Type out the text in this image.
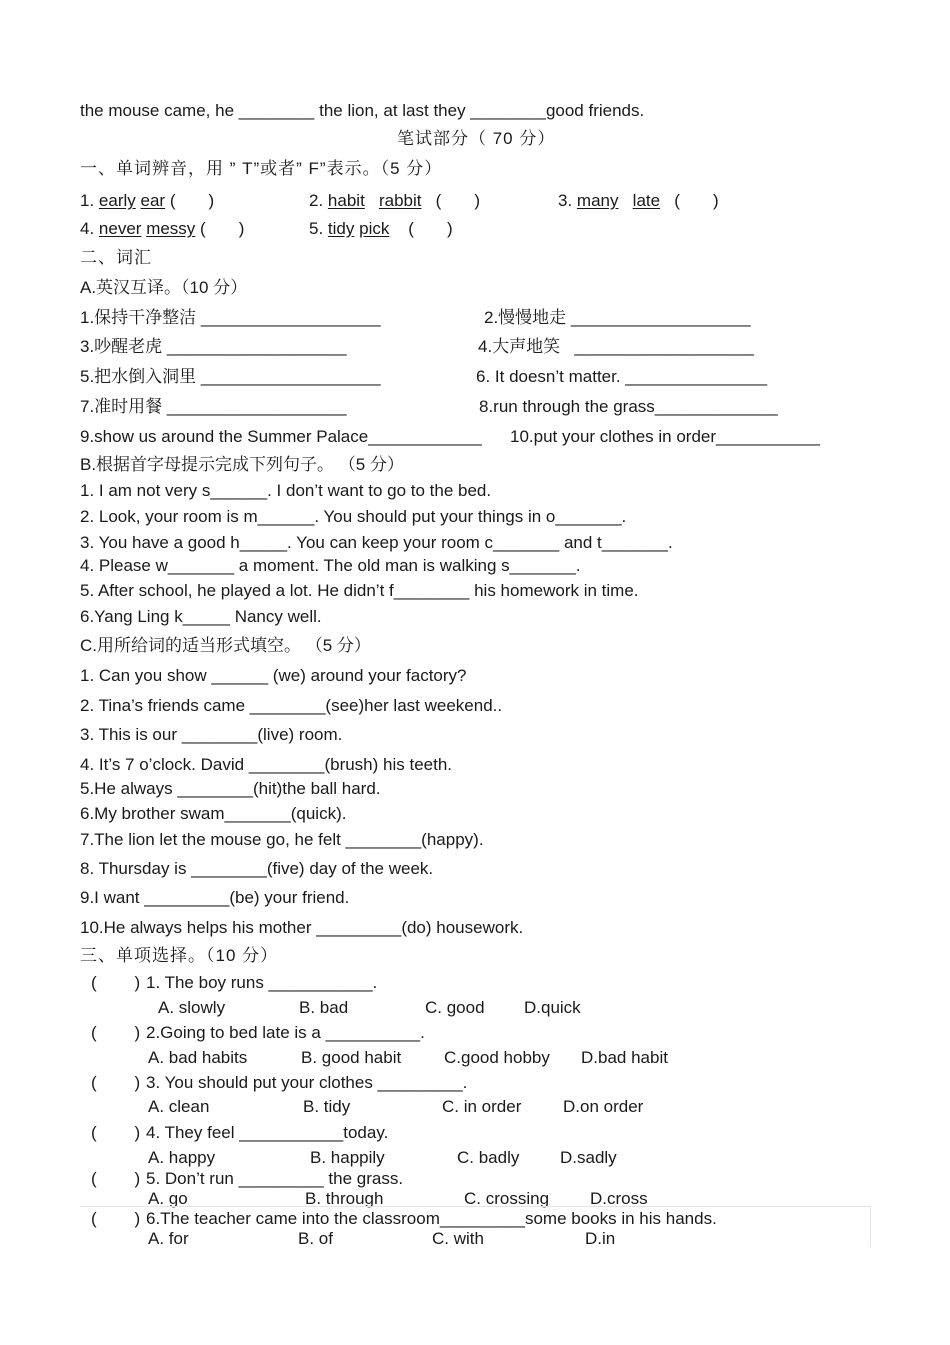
the mouse came, he ________ the lion, at last they ________good friends.
笔试部分（ 70 分）
一、单词辨音，用 ” T”或者” F”表示。（5 分）
1. early ear (       )	2. habit rabbit (       )	3. many late (       )
4. never messy (       )	5. tidy pick (       )
二、词汇
A.英汉互译。（10 分）
1.保持干净整洁 ___________________	2.慢慢地走 ___________________
3.吵醒老虎 ___________________	4.大声地笑   ___________________
5.把水倒入洞里 ___________________	6. It doesn’t matter. _______________
7.准时用餐 ___________________	8.run through the grass_____________
9.show us around the Summer Palace____________ 10.put your clothes in order___________
B.根据首字母提示完成下列句子。 （5 分）
1. I am not very s______. I don’t want to go to the bed.
2. Look, your room is m______. You should put your things in o_______.
3. You have a good h_____. You can keep your room c_______ and t_______.
4. Please w_______ a moment. The old man is walking s_______.
5. After school, he played a lot. He didn’t f________ his homework in time.
6.Yang Ling k_____ Nancy well.
C.用所给词的适当形式填空。 （5 分）
1. Can you show ______ (we) around your factory?
2. Tina’s friends came ________(see)her last weekend..
3. This is our ________(live) room.
4. It’s 7 o’clock. David ________(brush) his teeth.
5.He always ________(hit)the ball hard.
6.My brother swam_______(quick).
7.The lion let the mouse go, he felt ________(happy).
8. Thursday is ________(five) day of the week.
9.I want _________(be) your friend.
10.He always helps his mother _________(do) housework.
三、单项选择。（10 分）
(        ) 1. The boy runs ___________.
A. slowly	B. bad	C. good D.quick
(        ) 2.Going to bed late is a __________.
A. bad habits	B. good habit	C.good hobby D.bad habit
(        ) 3. You should put your clothes _________.
A. clean	B. tidy	C. in order D.on order
(        ) 4. They feel ___________today.
A. happy	B. happily	C. badly D.sadly
(        ) 5. Don’t run _________ the grass.
A. go	B. through	C. crossing D.cross
(        ) 6.The teacher came into the classroom_________some books in his hands.
A. for	B. of	C. with	D.in
